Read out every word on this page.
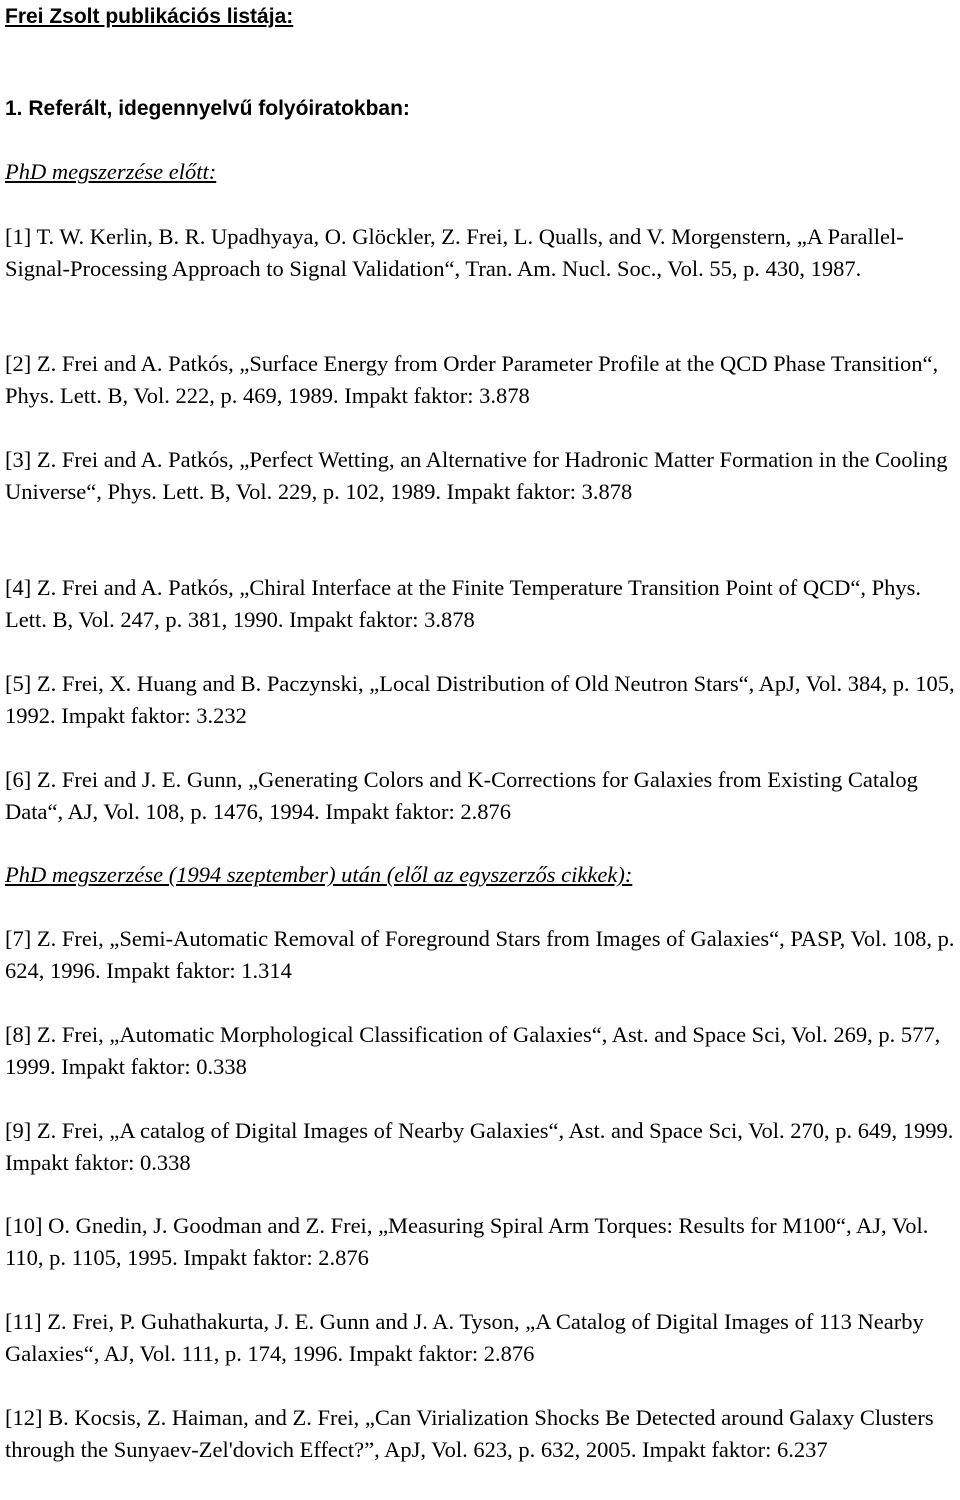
Frei Zsolt publikációs listája:
1. Referált, idegennyelvű folyóiratokban:

PhD megszerzése előtt:

[1] T. W. Kerlin, B. R. Upadhyaya, O. Glöckler, Z. Frei, L. Qualls, and V. Morgenstern, „A Parallel-Signal-Processing Approach to Signal Validation“, Tran. Am. Nucl. Soc., Vol. 55, p. 430, 1987.

[2] Z. Frei and A. Patkós, „Surface Energy from Order Parameter Profile at the QCD Phase Transition“, Phys. Lett. B, Vol. 222, p. 469, 1989. Impakt faktor: 3.878

[3] Z. Frei and A. Patkós, „Perfect Wetting, an Alternative for Hadronic Matter Formation in the Cooling Universe“, Phys. Lett. B, Vol. 229, p. 102, 1989. Impakt faktor: 3.878

[4] Z. Frei and A. Patkós, „Chiral Interface at the Finite Temperature Transition Point of QCD“, Phys. Lett. B, Vol. 247, p. 381, 1990. Impakt faktor: 3.878

[5] Z. Frei, X. Huang and B. Paczynski, „Local Distribution of Old Neutron Stars“, ApJ, Vol. 384, p. 105, 1992. Impakt faktor: 3.232

[6] Z. Frei and J. E. Gunn, „Generating Colors and K-Corrections for Galaxies from Existing Catalog Data“, AJ, Vol. 108, p. 1476, 1994. Impakt faktor: 2.876

PhD megszerzése (1994 szeptember) után (elől az egyszerzős cikkek):

[7] Z. Frei, „Semi-Automatic Removal of Foreground Stars from Images of Galaxies“, PASP, Vol. 108, p. 624, 1996. Impakt faktor: 1.314

[8] Z. Frei, „Automatic Morphological Classification of Galaxies“, Ast. and Space Sci, Vol. 269, p. 577, 1999. Impakt faktor: 0.338

[9] Z. Frei, „A catalog of Digital Images of Nearby Galaxies“, Ast. and Space Sci, Vol. 270, p. 649, 1999. Impakt faktor: 0.338

[10] O. Gnedin, J. Goodman and Z. Frei, „Measuring Spiral Arm Torques: Results for M100“, AJ, Vol. 110, p. 1105, 1995. Impakt faktor: 2.876

[11] Z. Frei, P. Guhathakurta, J. E. Gunn and J. A. Tyson, „A Catalog of Digital Images of 113 Nearby Galaxies“, AJ, Vol. 111, p. 174, 1996. Impakt faktor: 2.876

[12] B. Kocsis, Z. Haiman, and Z. Frei, „Can Virialization Shocks Be Detected around Galaxy Clusters through the Sunyaev-Zel'dovich Effect?”, ApJ, Vol. 623, p. 632, 2005. Impakt faktor: 6.237
